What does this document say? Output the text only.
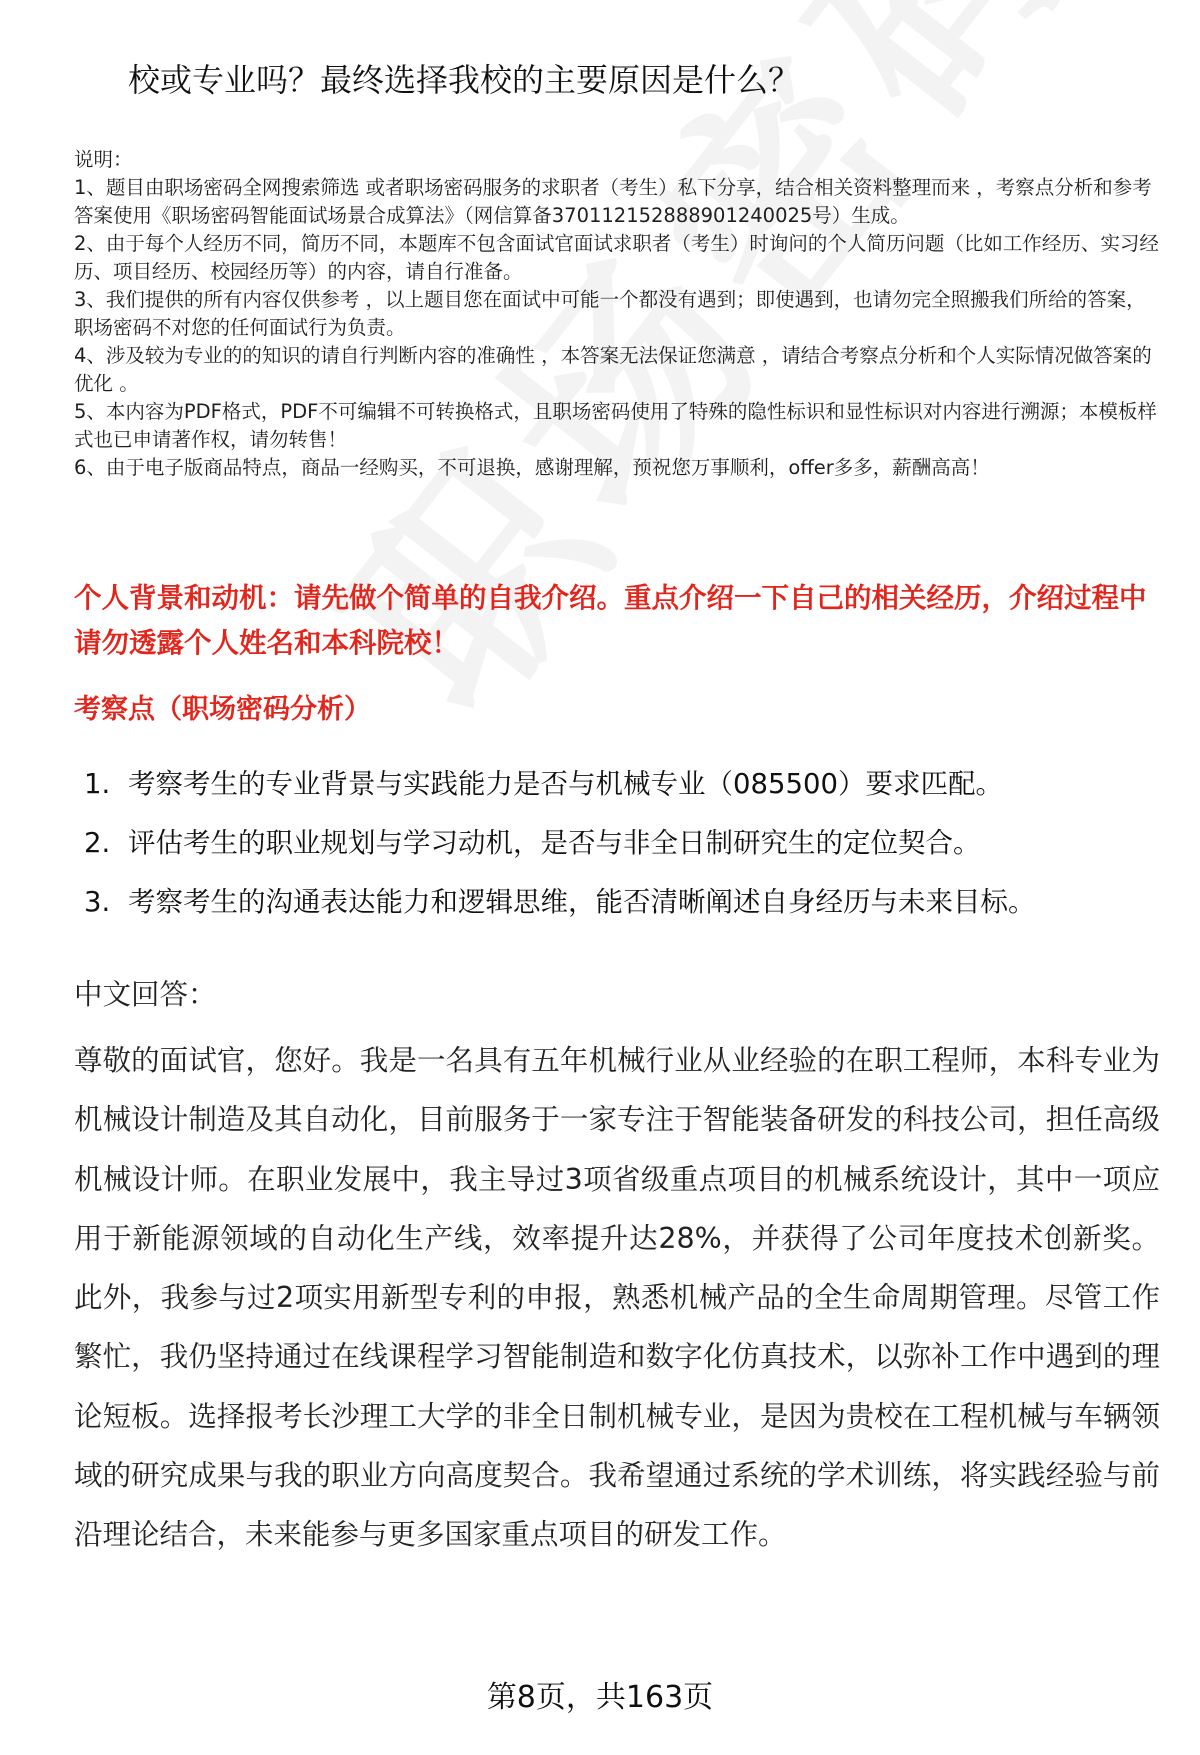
校或专业吗？最终选择我校的主要原因是什么？

说明：

1、题目由职场密码全网搜索筛选 或者职场密码服务的求职者（考生）私下分享，结合相关资料整理而来 ，考察点分析和参考答案使用《职场密码智能面试场景合成算法》（网信算备370112152888901240025号）生成。

2、由于每个人经历不同，简历不同，本题库不包含面试官面试求职者（考生）时询问的个人简历问题（比如工作经历、实习经历、项目经历、校园经历等）的内容，请自行准备。

3、我们提供的所有内容仅供参考 ，以上题目您在面试中可能一个都没有遇到；即使遇到，也请勿完全照搬我们所给的答案，职场密码不对您的任何面试行为负责。

4、涉及较为专业的的知识的请自行判断内容的准确性 ，本答案无法保证您满意 ，请结合考察点分析和个人实际情况做答案的优化 。

5、本内容为PDF格式，PDF不可编辑不可转换格式，且职场密码使用了特殊的隐性标识和显性标识对内容进行溯源；本模板样式也已申请著作权，请勿转售！

6、由于电子版商品特点，商品一经购买，不可退换，感谢理解，预祝您万事顺利，offer多多，薪酬高高！

个人背景和动机：请先做个简单的自我介绍。重点介绍一下自己的相关经历，介绍过程中请勿透露个人姓名和本科院校！
考察点（职场密码分析）
1. 考察考生的专业背景与实践能力是否与机械专业（085500）要求匹配。
2. 评估考生的职业规划与学习动机，是否与非全日制研究生的定位契合。
3. 考察考生的沟通表达能力和逻辑思维，能否清晰阐述自身经历与未来目标。
中文回答：
尊敬的面试官，您好。我是一名具有五年机械行业从业经验的在职工程师，本科专业为机械设计制造及其自动化，目前服务于一家专注于智能装备研发的科技公司，担任高级机械设计师。在职业发展中，我主导过3项省级重点项目的机械系统设计，其中一项应用于新能源领域的自动化生产线，效率提升达28%，并获得了公司年度技术创新奖。此外，我参与过2项实用新型专利的申报，熟悉机械产品的全生命周期管理。尽管工作繁忙，我仍坚持通过在线课程学习智能制造和数字化仿真技术，以弥补工作中遇到的理论短板。选择报考长沙理工大学的非全日制机械专业，是因为贵校在工程机械与车辆领域的研究成果与我的职业方向高度契合。我希望通过系统的学术训练，将实践经验与前沿理论结合，未来能参与更多国家重点项目的研发工作。
第8页，共163页
